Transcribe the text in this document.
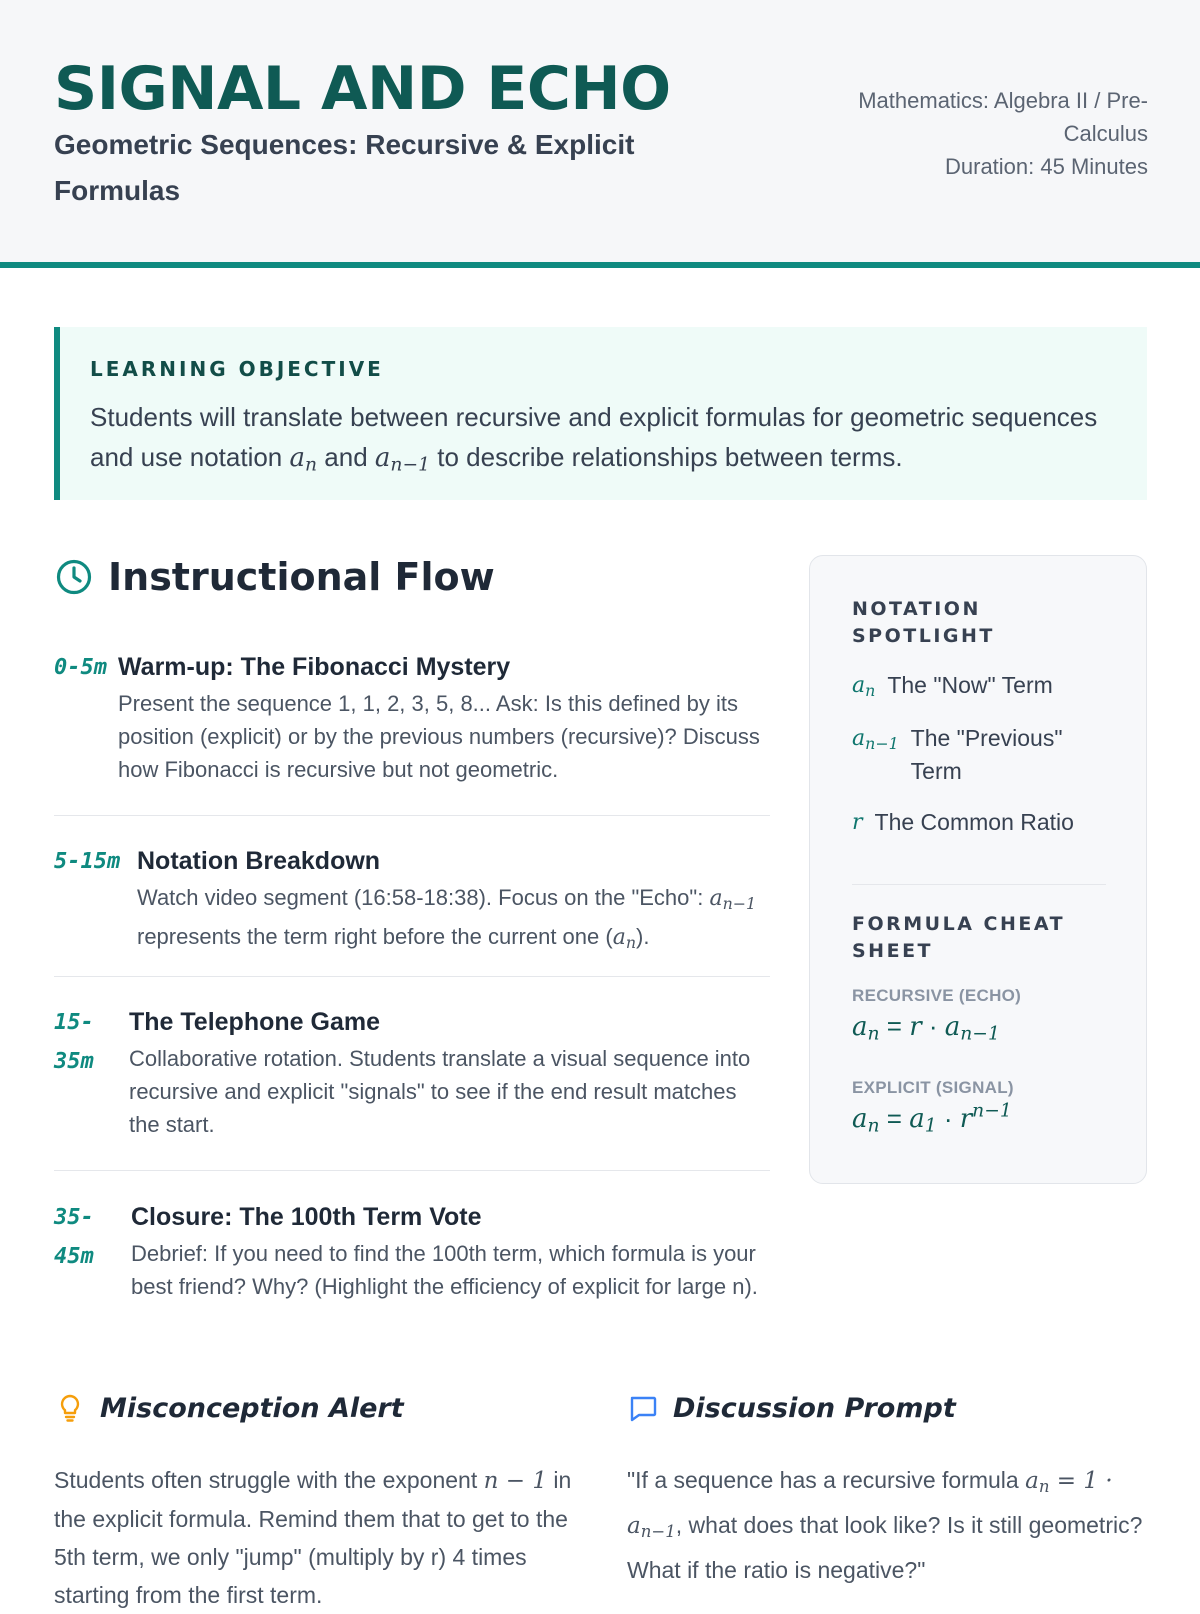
SIGNAL AND ECHO
Geometric Sequences: Recursive & Explicit Formulas
Mathematics: Algebra II / Pre-Calculus
Duration: 45 Minutes
LEARNING OBJECTIVE
Students will translate between recursive and explicit formulas for geometric sequences and use notation $a_n$ and $a_{n-1}$ to describe relationships between terms.
Instructional Flow
0-5m Warm-up: The Fibonacci Mystery
Present the sequence 1, 1, 2, 3, 5, 8... Ask: Is this defined by its position (explicit) or by the previous numbers (recursive)? Discuss how Fibonacci is recursive but not geometric.
5-15m Notation Breakdown
Watch video segment (16:58-18:38). Focus on the "Echo": $a_{n-1}$ represents the term right before the current one $(a_n)$.
15-35m
The Telephone Game
Collaborative rotation. Students translate a visual sequence into recursive and explicit "signals" to see if the end result matches the start.
35-45m
Closure: The 100th Term Vote
Debrief: If you need to find the 100th term, which formula is your best friend? Why? (Highlight the efficiency of explicit for large n).
NOTATION SPOTLIGHT
$a_n$ The "Now" Term
$a_{n-1}$ The "Previous" Term
r The Common Ratio
FORMULA CHEAT SHEET
RECURSIVE (ECHO)
$a_n = r \cdot a_{n-1}$
EXPLICIT (SIGNAL)
$a_n = a_1 \cdot r^{n-1}$
Misconception Alert
Students often struggle with the exponent n − 1 in the explicit formula. Remind them that to get to the 5th term, we only "jump" (multiply by r) 4 times starting from the first term.
Discussion Prompt
"If a sequence has a recursive formula $a_n = 1 \cdot a_{n-1}$, what does that look like? Is it still geometric? What if the ratio is negative?"
